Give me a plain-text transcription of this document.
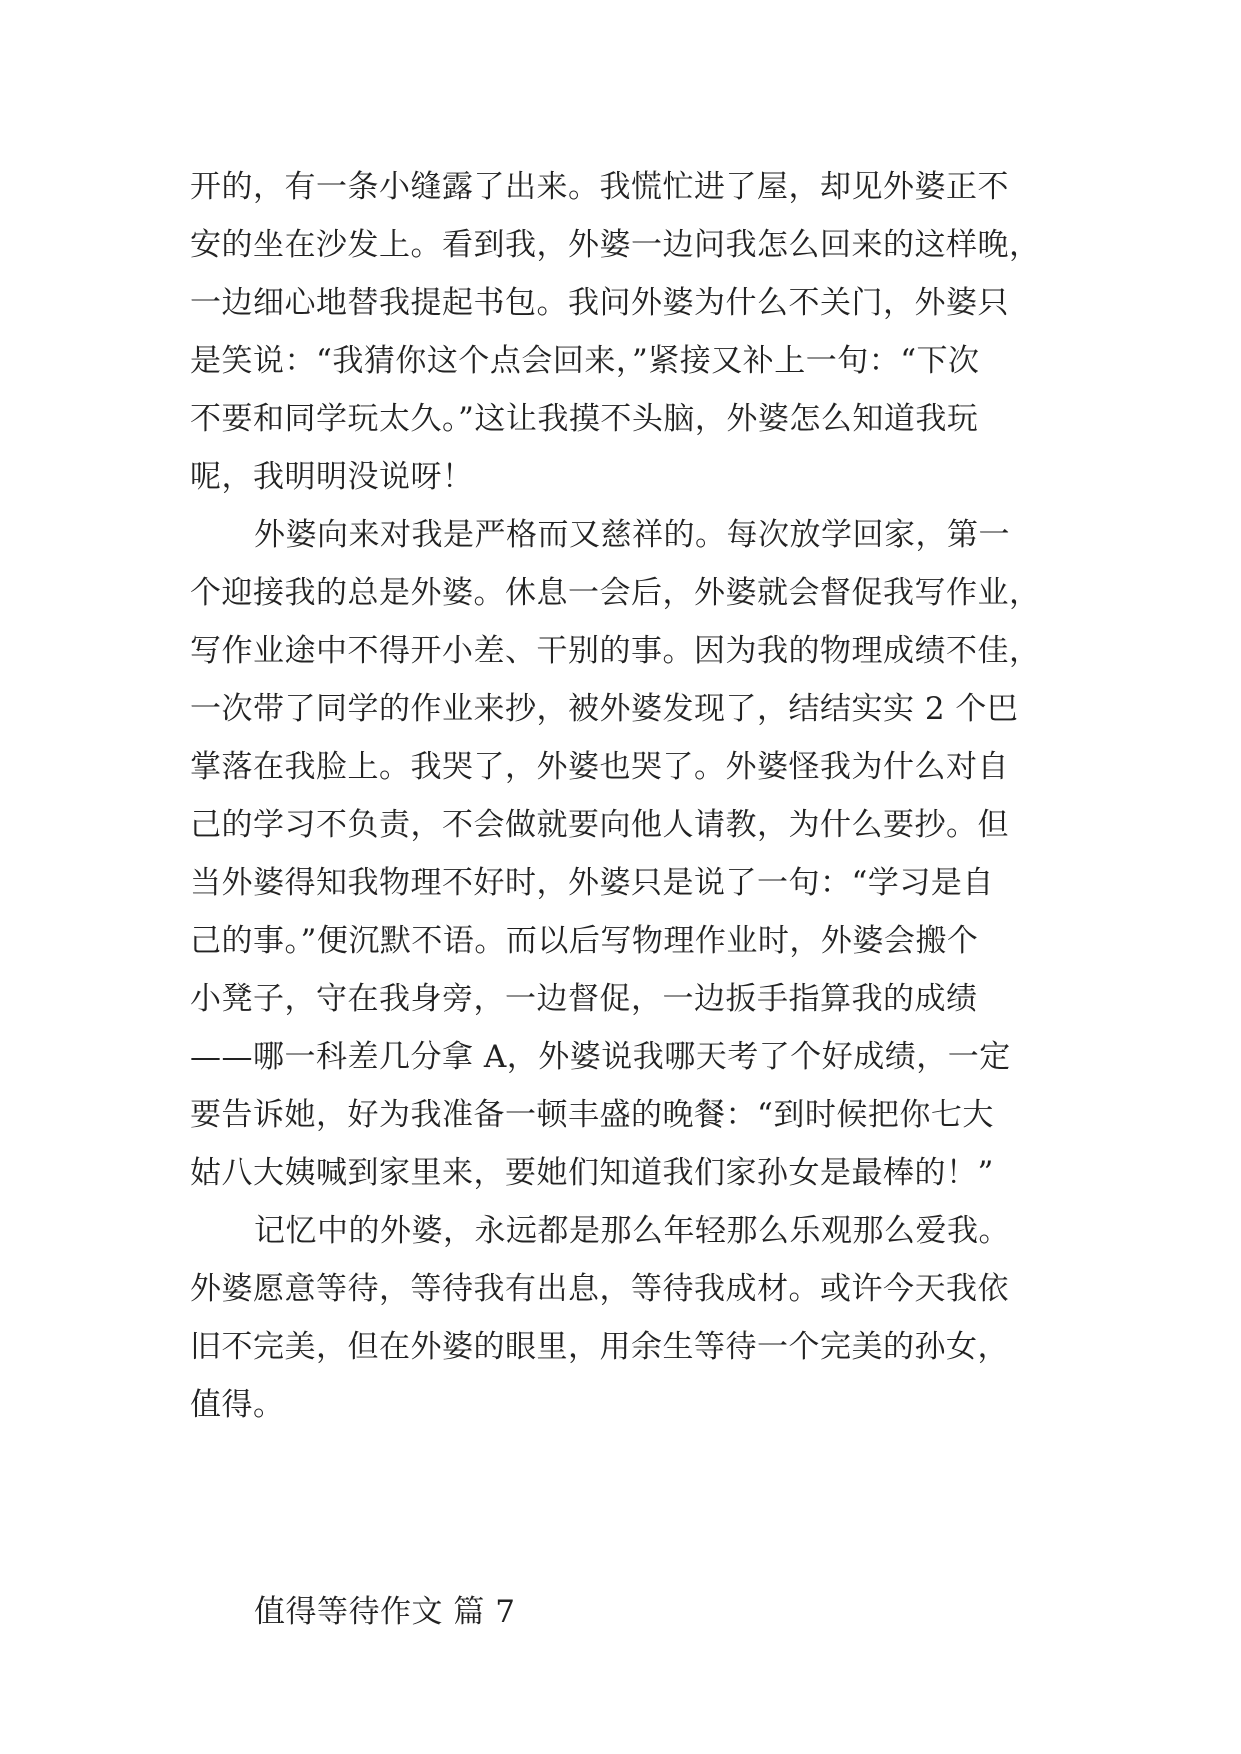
开的，有一条小缝露了出来。我慌忙进了屋，却见外婆正不
安的坐在沙发上。看到我，外婆一边问我怎么回来的这样晚，
一边细心地替我提起书包。我问外婆为什么不关门，外婆只
是笑说：“我猜你这个点会回来，”紧接又补上一句：“下次
不要和同学玩太久。”这让我摸不头脑，外婆怎么知道我玩
呢，我明明没说呀！
外婆向来对我是严格而又慈祥的。每次放学回家，第一
个迎接我的总是外婆。休息一会后，外婆就会督促我写作业，
写作业途中不得开小差、干别的事。因为我的物理成绩不佳，
一次带了同学的作业来抄，被外婆发现了，结结实实 2 个巴
掌落在我脸上。我哭了，外婆也哭了。外婆怪我为什么对自
己的学习不负责，不会做就要向他人请教，为什么要抄。但
当外婆得知我物理不好时，外婆只是说了一句：“学习是自
己的事。”便沉默不语。而以后写物理作业时，外婆会搬个
小凳子，守在我身旁，一边督促，一边扳手指算我的成绩
——哪一科差几分拿 A，外婆说我哪天考了个好成绩，一定
要告诉她，好为我准备一顿丰盛的晚餐：“到时候把你七大
姑八大姨喊到家里来，要她们知道我们家孙女是最棒的！”
记忆中的外婆，永远都是那么年轻那么乐观那么爱我。
外婆愿意等待，等待我有出息，等待我成材。或许今天我依
旧不完美，但在外婆的眼里，用余生等待一个完美的孙女，
值得。
值得等待作文 篇 7
